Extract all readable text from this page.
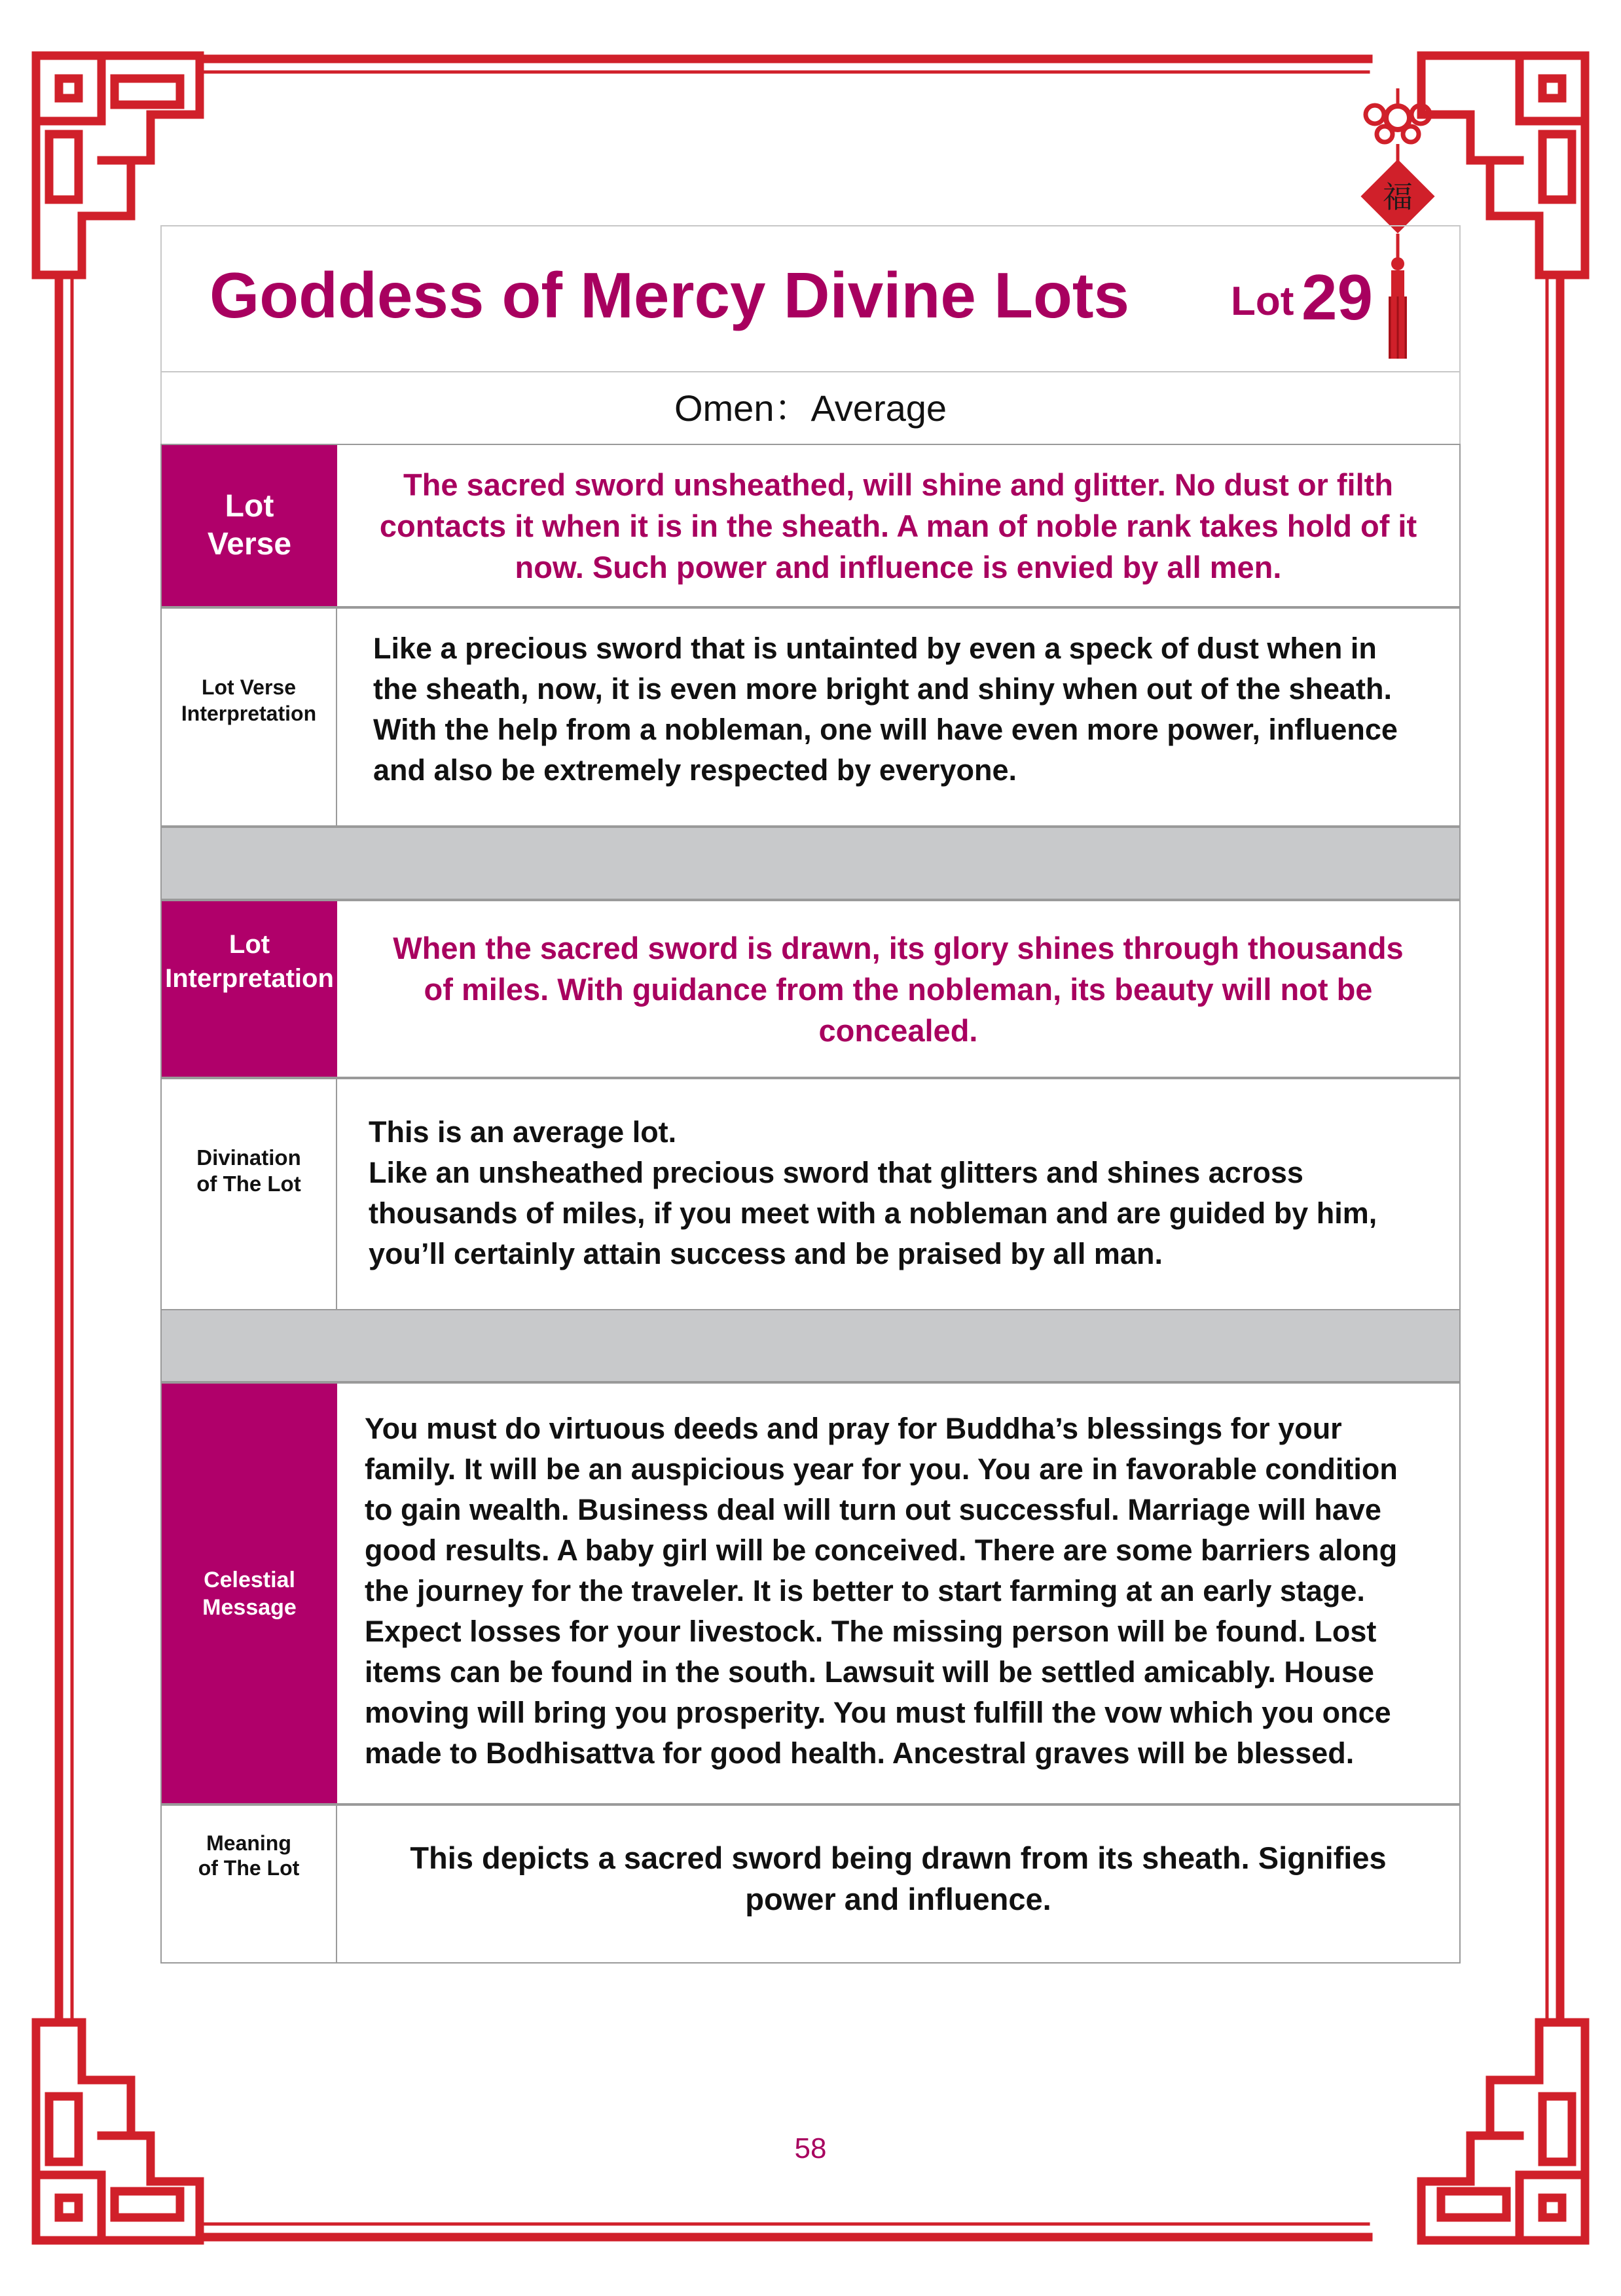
福
Goddess of Mercy Divine Lots	Lot 29
Omen：Average
Lot
Verse
The sacred sword unsheathed, will shine and glitter. No dust or filth contacts it when it is in the sheath. A man of noble rank takes hold of it now. Such power and influence is envied by all men.
Lot Verse
Interpretation
Like a precious sword that is untainted by even a speck of dust when in the sheath, now, it is even more bright and shiny when out of the sheath. With the help from a nobleman, one will have even more power, influence and also be extremely respected by everyone.
Lot
Interpretation
When the sacred sword is drawn, its glory shines through thousands of miles. With guidance from the nobleman, its beauty will not be concealed.
Divination
of The Lot
This is an average lot.
Like an unsheathed precious sword that glitters and shines across thousands of miles, if you meet with a nobleman and are guided by him, you’ll certainly attain success and be praised by all man.
Celestial
Message
You must do virtuous deeds and pray for Buddha’s blessings for your family. It will be an auspicious year for you. You are in favorable condition to gain wealth. Business deal will turn out successful. Marriage will have good results. A baby girl will be conceived. There are some barriers along the journey for the traveler. It is better to start farming at an early stage. Expect losses for your livestock. The missing person will be found. Lost items can be found in the south. Lawsuit will be settled amicably. House moving will bring you prosperity. You must fulfill the vow which you once made to Bodhisattva for good health. Ancestral graves will be blessed.
Meaning
of The Lot	This depicts a sacred sword being drawn from its sheath. Signifies power and influence.
58
